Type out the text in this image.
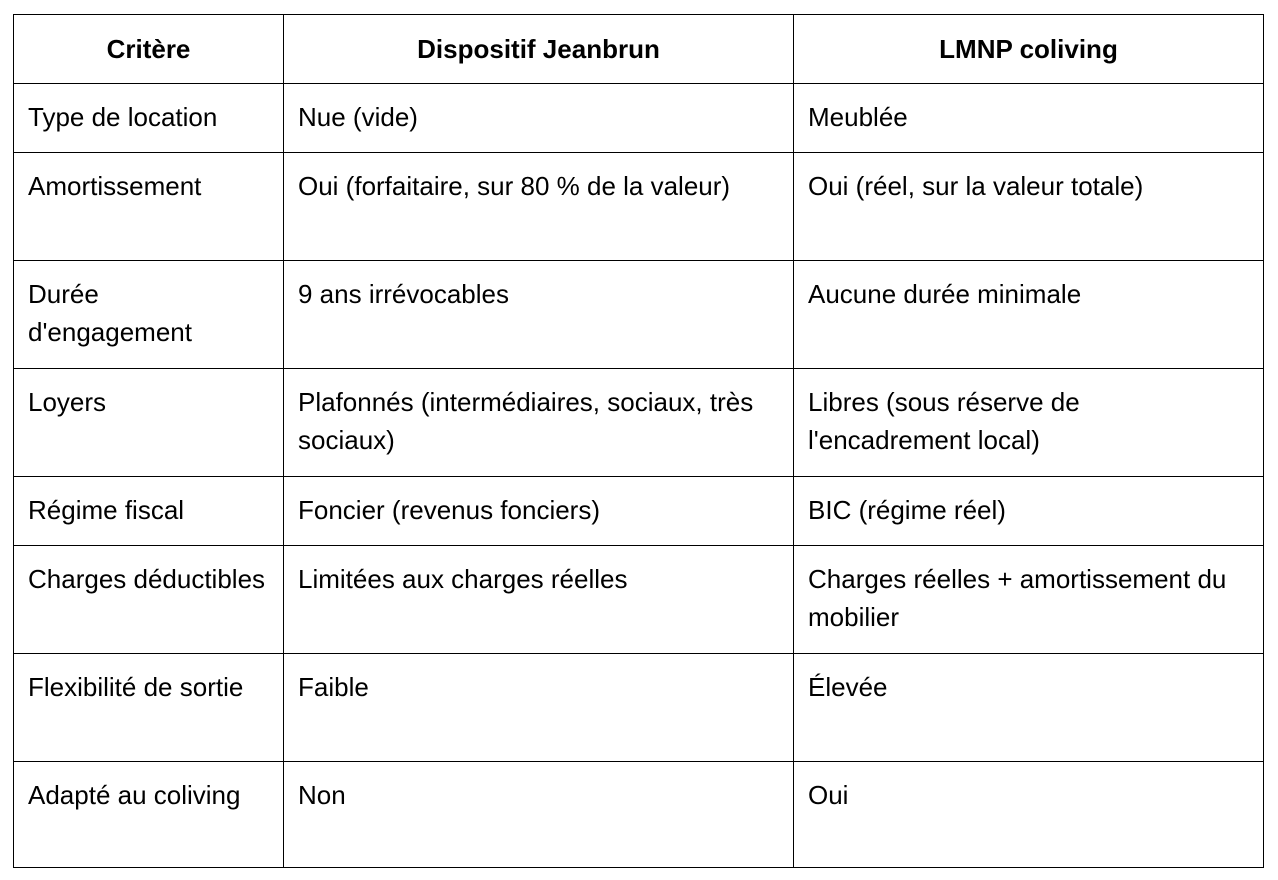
Critère	Dispositif Jeanbrun	LMNP coliving
Type de location	Nue (vide)	Meublée
Amortissement	Oui (forfaitaire, sur 80 % de la valeur)	Oui (réel, sur la valeur totale)
Durée d'engagement	9 ans irrévocables	Aucune durée minimale
Loyers	Plafonnés (intermédiaires, sociaux, très sociaux)	Libres (sous réserve de l'encadrement local)
Régime fiscal	Foncier (revenus fonciers)	BIC (régime réel)
Charges déductibles	Limitées aux charges réelles	Charges réelles + amortissement du mobilier
Flexibilité de sortie	Faible	Élevée
Adapté au coliving	Non	Oui
